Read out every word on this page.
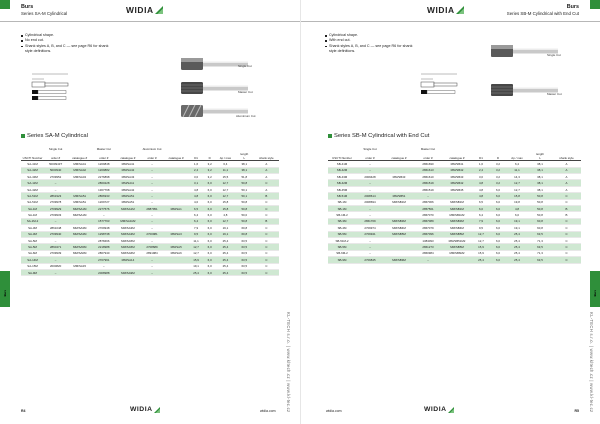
Burs
Series SA-M Cylindrical	WIDIA
Cylindrical shape.
No end cut.
Shank styles A, B, and C — see page R6 for shank style definitions.
Single Cut
Master Cut
Aluminium Cut
Series SA-M Cylindrical
	Single Cut		Master Cut		Aluminium Cut						
										length	
USCTI Number	order #	catalogue #	order #	catalogue #	order #	catalogue #	D1	D	Ap / max	L	shank style
SA-41M	5000943T	MM/SA41	1209848	MM/SA41	–		1,6	3,2	6,4	38,1	A
SA-42M	5000940	MM/SA42	1209882	MM/SA42	–		2,4	3,2	11,1	38,1	A
SA-43M	2709952	MM/SA43	2276898	MM/SA43	–		3,0	3,2	15,5	51,8	A
SA-11M	–		2860228	MM/SA11	–		3,1	6,0	12,7	50,8	C
SA-42M	–		1307768	MM/SA42	–		4,8	6,0	12,7	50,1	A
SA-51M	2861923	MM/SA51	2866933	MM/SA51	–		4,8	6,0	12,7	50,1	B
SA-51M	2709978	MM/SA51	1209727	MM/SA51	–		4,0	6,0	15,8	50,8	C
SA-1M	2709929	MM/SA1M	2277576	MM/SA1M	2887951	MM/SA1	6,5	6,0	15,8	50,8	C
SA-1M	2709933	MM/SA1M	–		–		6,4	6,0	4,8	50,0	C
SA-1M-2	–		1577763	MM/SA1M2	–		6,4	6,0	12,7	50,8	B
SA-3M	2861048	MM/SA3M	2709948	MM/SA3M	–		7,9	6,0	19,1	60,8	C
SA-3M	2709940	MM/SA3M	1298738	MM/SA3M	2700981	MM/SA3	9,5	6,0	19,1	60,8	C
SA-5M	–		2878466	MM/SA5M	–		11,1	6,0	25,4	63,5	C
SA-5M	2860471	MM/SA5M	2218988	MM/SA5M	2708689	MM/SA5	12,7	6,0	25,4	63,5	C
SA-6M	2709939	MM/SA6M	2867940	MM/SA6M	2891984	MM/SA6	12,7	6,0	25,4	63,5	C
SA-14M	–		2707961	MM/SA14	–		15,9	6,0	25,4	63,5	C
SA-15M	2000820	MM/SA15	–		–		19,1	6,0	25,4	63,5	C
SA-9M	–		2008988	MM/SA9M	–		25,4	6,0	25,4	63,5	C
Burs
KL-TECH s.r.o. | www.kltech.cz | www.kl-tec.cz
R4	WIDIA	widia.com
Burs
Series SB-M Cylindrical with End Cut
WIDIA
Cylindrical shape.
With end cut.
Shank styles A, B, and C — see page R6 for shank style definitions.
Single Cut
Master Cut
Series SB-M Cylindrical with End Cut
	Single Cut		Master Cut						
								length	
USCTI Number	order #	catalogue #	order #	catalogue #	D1	D	Ap / max	L	shank style
SB-41M	–		2861690	MM/SB41	1,6	3,2	6,4	38,1	A
SB-42M	–		2861613	MM/SB42	2,4	3,2	11,1	38,1	A
SB-43M	2009428	MM/SB43	2861610	MM/SB43	3,0	3,2	14,3	38,1	A
SB-42M	–		2861519	MM/SB42	4,8	3,2	12,7	38,1	A
SB-45M	–		2861519	MM/SB45	4,8	6,0	12,7	38,1	A
SB-51M	2008614	MM/SB51	–		4,8	6,0	15,8	50,8	C
SB-1M	2008694	MM/SB1M	2867066	MM/SB1M	6,5	6,0	19,8	50,8	C
SB-1M	–		2857561	MM/SB1M	6,0	6,0	4,8	50,8	B
SB-1M-2	–		2867070	MM/SB1M2	6,4	6,0	6,0	50,8	B
SB-3M	2861769	MM/SB3M	2867089	MM/SB3M	7,9	6,0	19,1	60,8	C
SB-4M	2709974	MM/SB4M	2867079	MM/SB4M	9,5	6,0	19,1	60,8	C
SB-5M	2709941	MM/SB5M	2867096	MM/SB5M	12,7	6,0	25,4	63,5	C
SB-51M-2	–		1384093	MM/SB51M2	12,7	6,0	25,4	71,3	C
SB-5M	–		2861273	MM/SB5M	15,9	6,0	25,4	63,5	C
SB-6M-2	–		2860984	MM/SB6M2	15,9	6,0	25,4	71,3	C
SB-9M	2709845	MM/SB9M	–		25,4	6,0	25,4	63,5	C
Burs
KL-TECH s.r.o. | www.kltech.cz | www.kl-tec.cz
widia.com	WIDIA	R5
